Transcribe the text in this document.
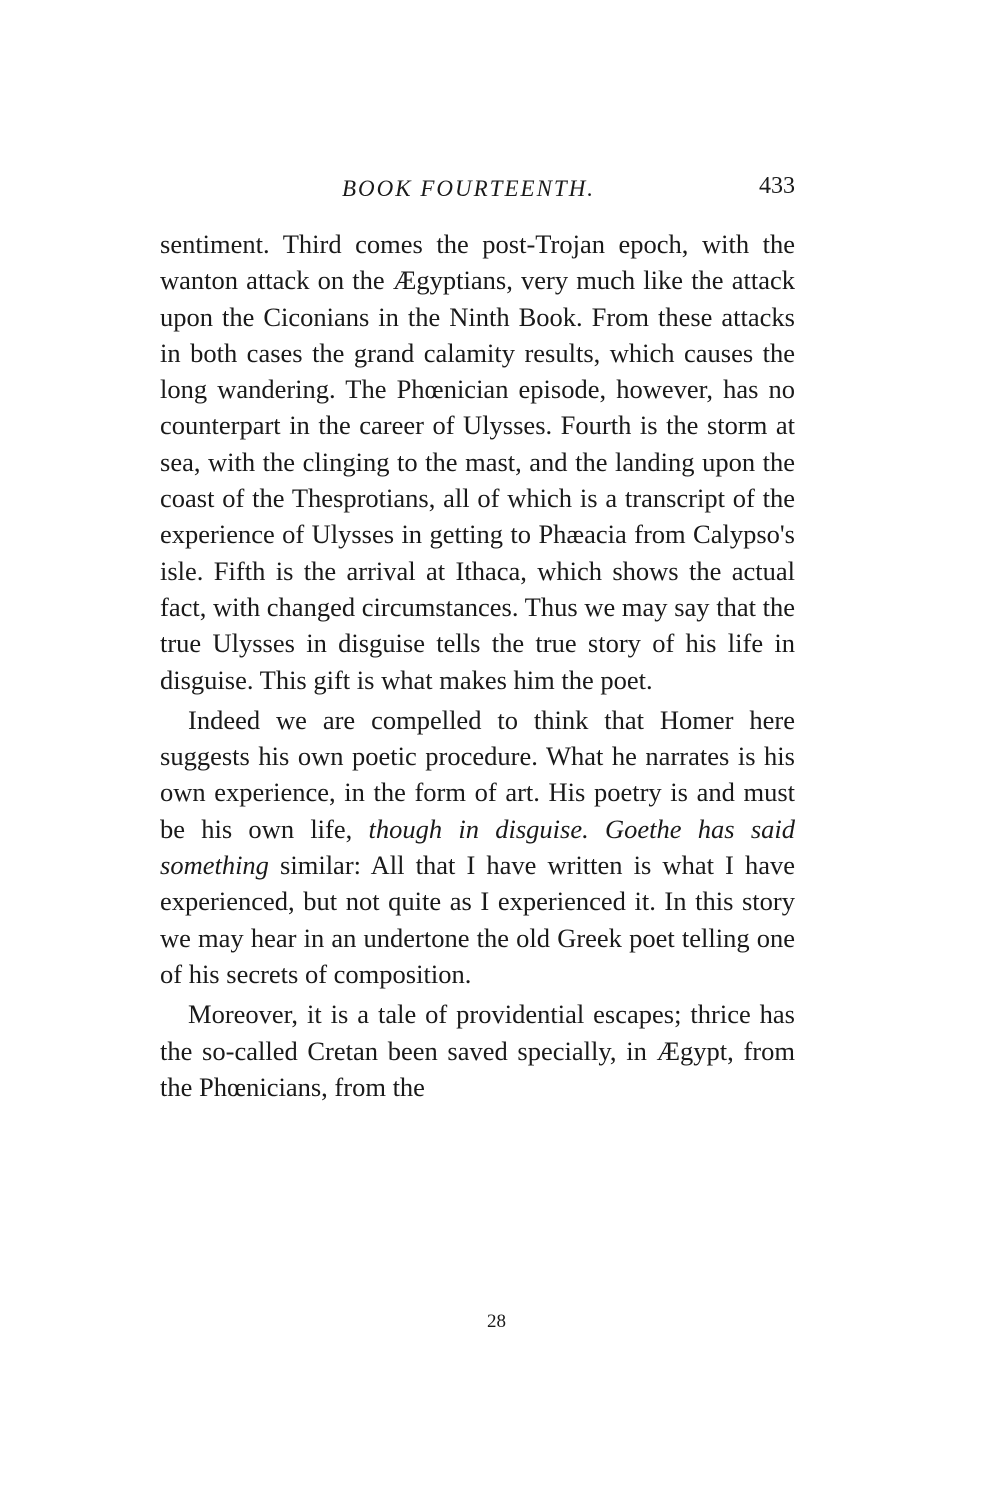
BOOK FOURTEENTH.	433

sentiment. Third comes the post-Trojan epoch, with the wanton attack on the Ægyptians, very much like the attack upon the Ciconians in the Ninth Book. From these attacks in both cases the grand calamity results, which causes the long wandering. The Phœnician episode, however, has no counterpart in the career of Ulysses. Fourth is the storm at sea, with the clinging to the mast, and the landing upon the coast of the Thesprotians, all of which is a transcript of the experience of Ulysses in getting to Phæacia from Calypso's isle. Fifth is the arrival at Ithaca, which shows the actual fact, with changed circumstances. Thus we may say that the true Ulysses in disguise tells the true story of his life in disguise. This gift is what makes him the poet.

Indeed we are compelled to think that Homer here suggests his own poetic procedure. What he narrates is his own experience, in the form of art. His poetry is and must be his own life, though in disguise. Goethe has said something similar: All that I have written is what I have experienced, but not quite as I experienced it. In this story we may hear in an undertone the old Greek poet telling one of his secrets of composition.

Moreover, it is a tale of providential escapes; thrice has the so-called Cretan been saved specially, in Ægypt, from the Phœnicians, from the

28
